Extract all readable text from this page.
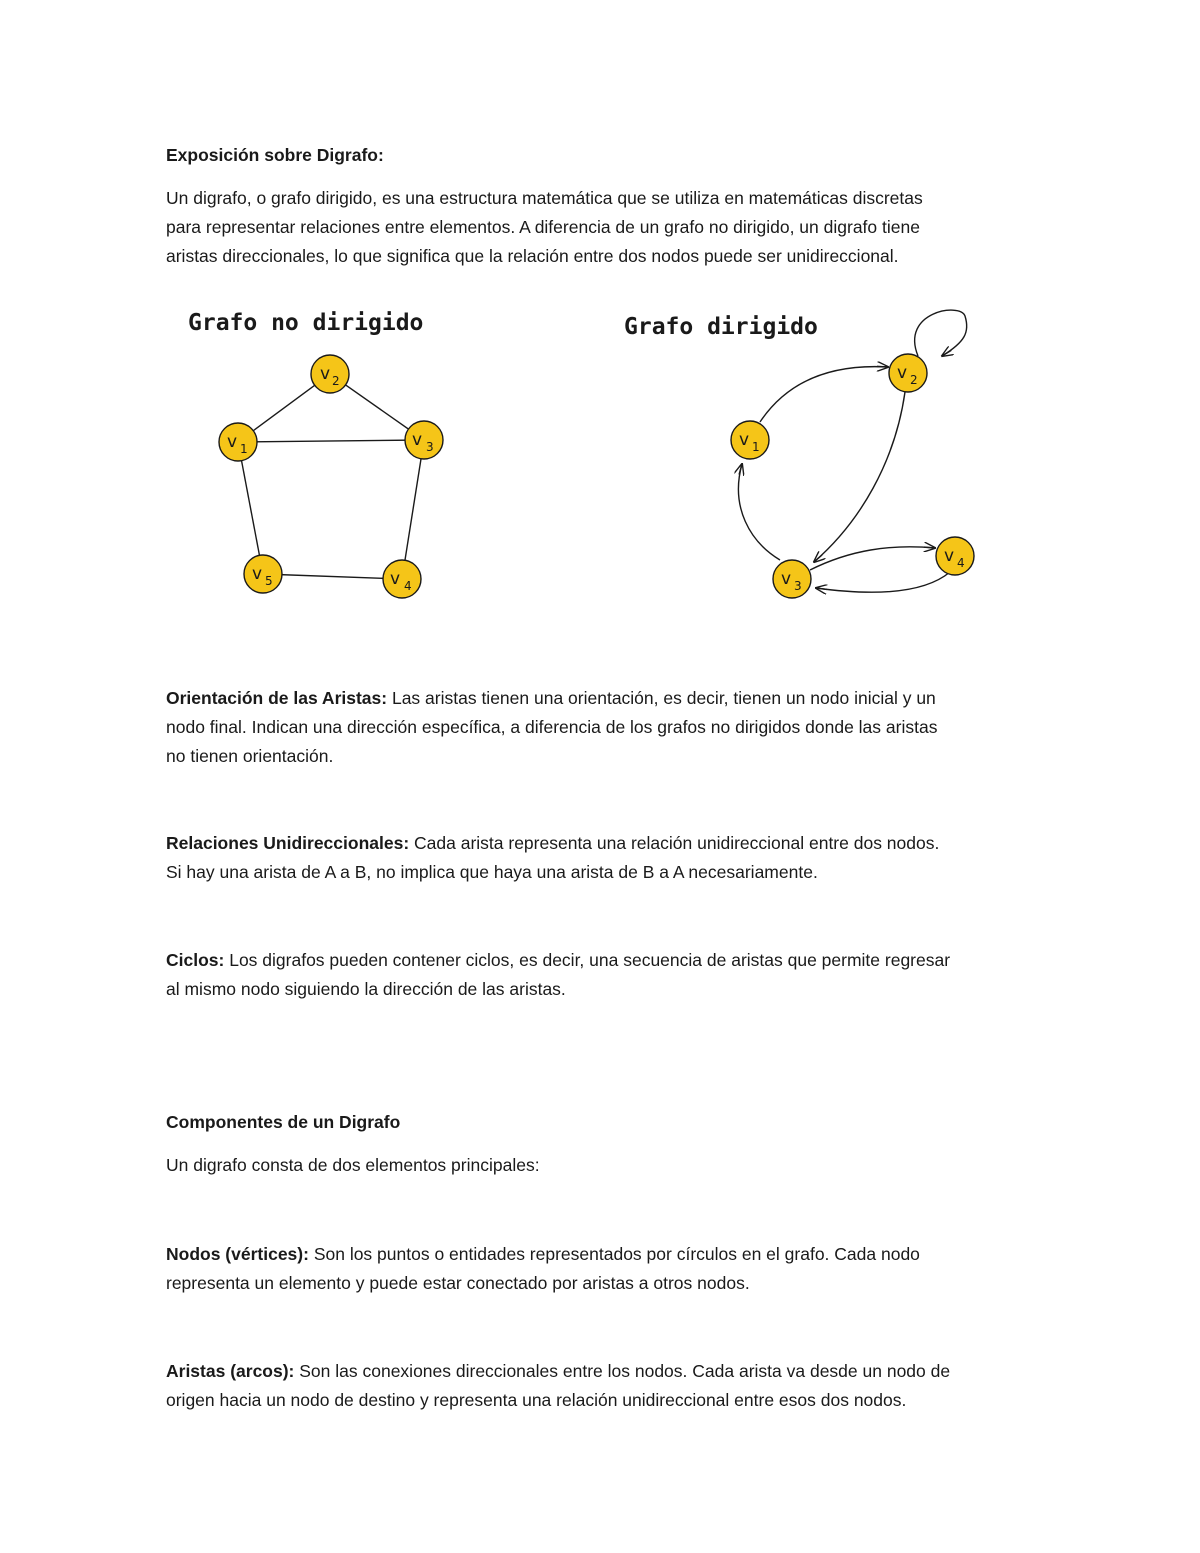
Exposición sobre Digrafo:

Un digrafo, o grafo dirigido, es una estructura matemática que se utiliza en matemáticas discretas

para representar relaciones entre elementos. A diferencia de un grafo no dirigido, un digrafo tiene

aristas direccionales, lo que significa que la relación entre dos nodos puede ser unidireccional.

Grafo no dirigido	Grafo dirigido
v 2
v 1	v 3
v 5	v 4
v 1
v 2
v 3
v 4

Orientación de las Aristas: Las aristas tienen una orientación, es decir, tienen un nodo inicial y un

nodo final. Indican una dirección específica, a diferencia de los grafos no dirigidos donde las aristas

no tienen orientación.

Relaciones Unidireccionales: Cada arista representa una relación unidireccional entre dos nodos.

Si hay una arista de A a B, no implica que haya una arista de B a A necesariamente.

Ciclos: Los digrafos pueden contener ciclos, es decir, una secuencia de aristas que permite regresar

al mismo nodo siguiendo la dirección de las aristas.

Componentes de un Digrafo

Un digrafo consta de dos elementos principales:

Nodos (vértices): Son los puntos o entidades representados por círculos en el grafo. Cada nodo

representa un elemento y puede estar conectado por aristas a otros nodos.

Aristas (arcos): Son las conexiones direccionales entre los nodos. Cada arista va desde un nodo de

origen hacia un nodo de destino y representa una relación unidireccional entre esos dos nodos.
